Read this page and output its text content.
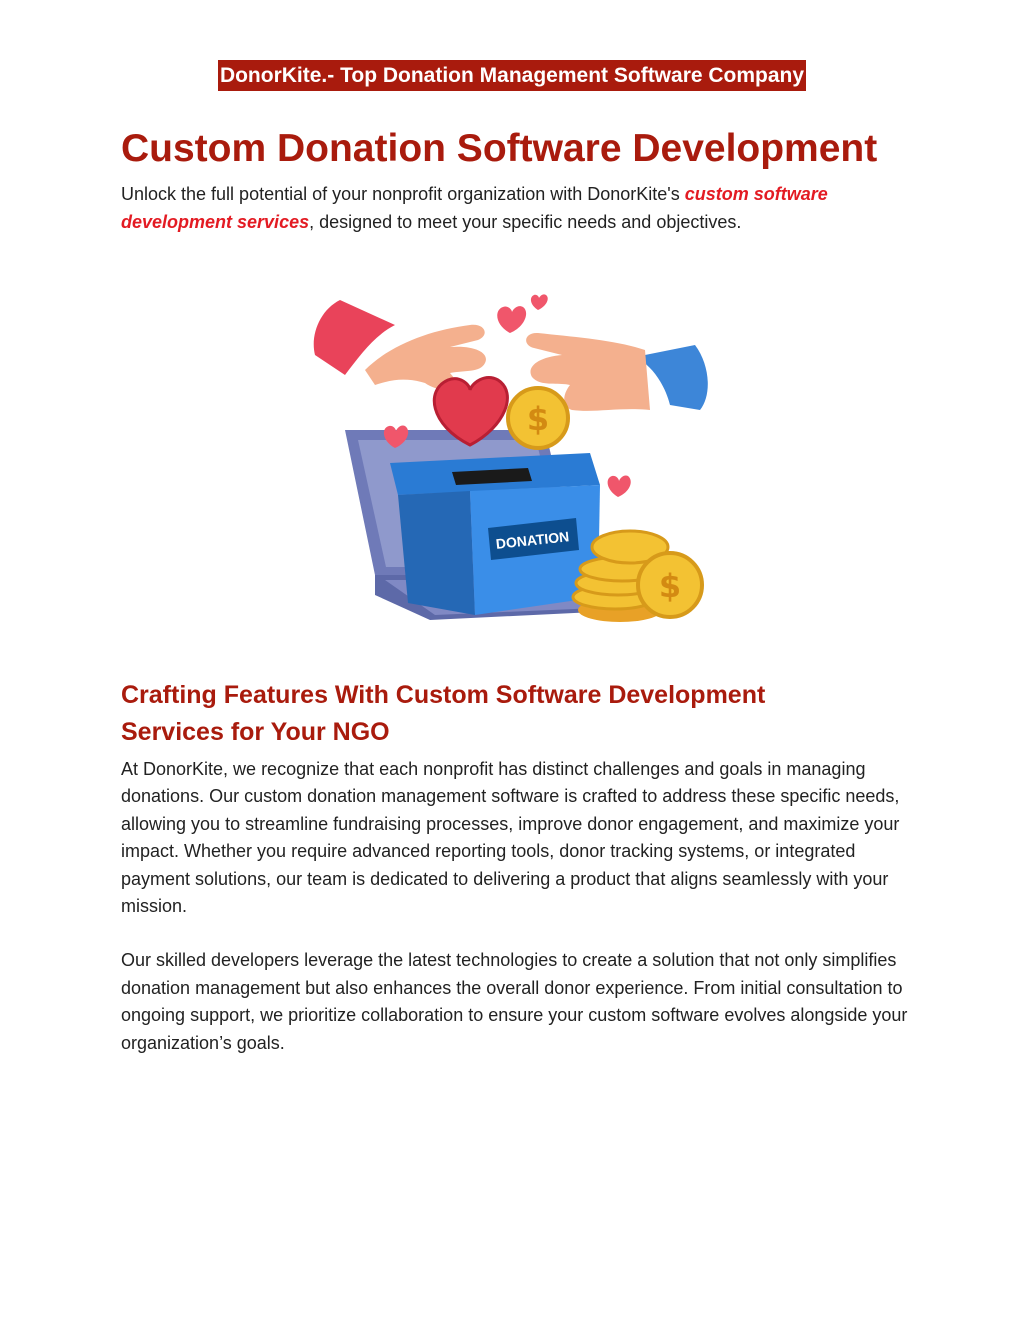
DonorKite.- Top Donation Management Software Company
Custom Donation Software Development

Unlock the full potential of your nonprofit organization with DonorKite's custom software development services, designed to meet your specific needs and objectives.

DONATION
$
$
Crafting Features With Custom Software Development Services for Your NGO

At DonorKite, we recognize that each nonprofit has distinct challenges and goals in managing donations. Our custom donation management software is crafted to address these specific needs, allowing you to streamline fundraising processes, improve donor engagement, and maximize your impact. Whether you require advanced reporting tools, donor tracking systems, or integrated payment solutions, our team is dedicated to delivering a product that aligns seamlessly with your mission.

Our skilled developers leverage the latest technologies to create a solution that not only simplifies donation management but also enhances the overall donor experience. From initial consultation to ongoing support, we prioritize collaboration to ensure your custom software evolves alongside your organization’s goals.
